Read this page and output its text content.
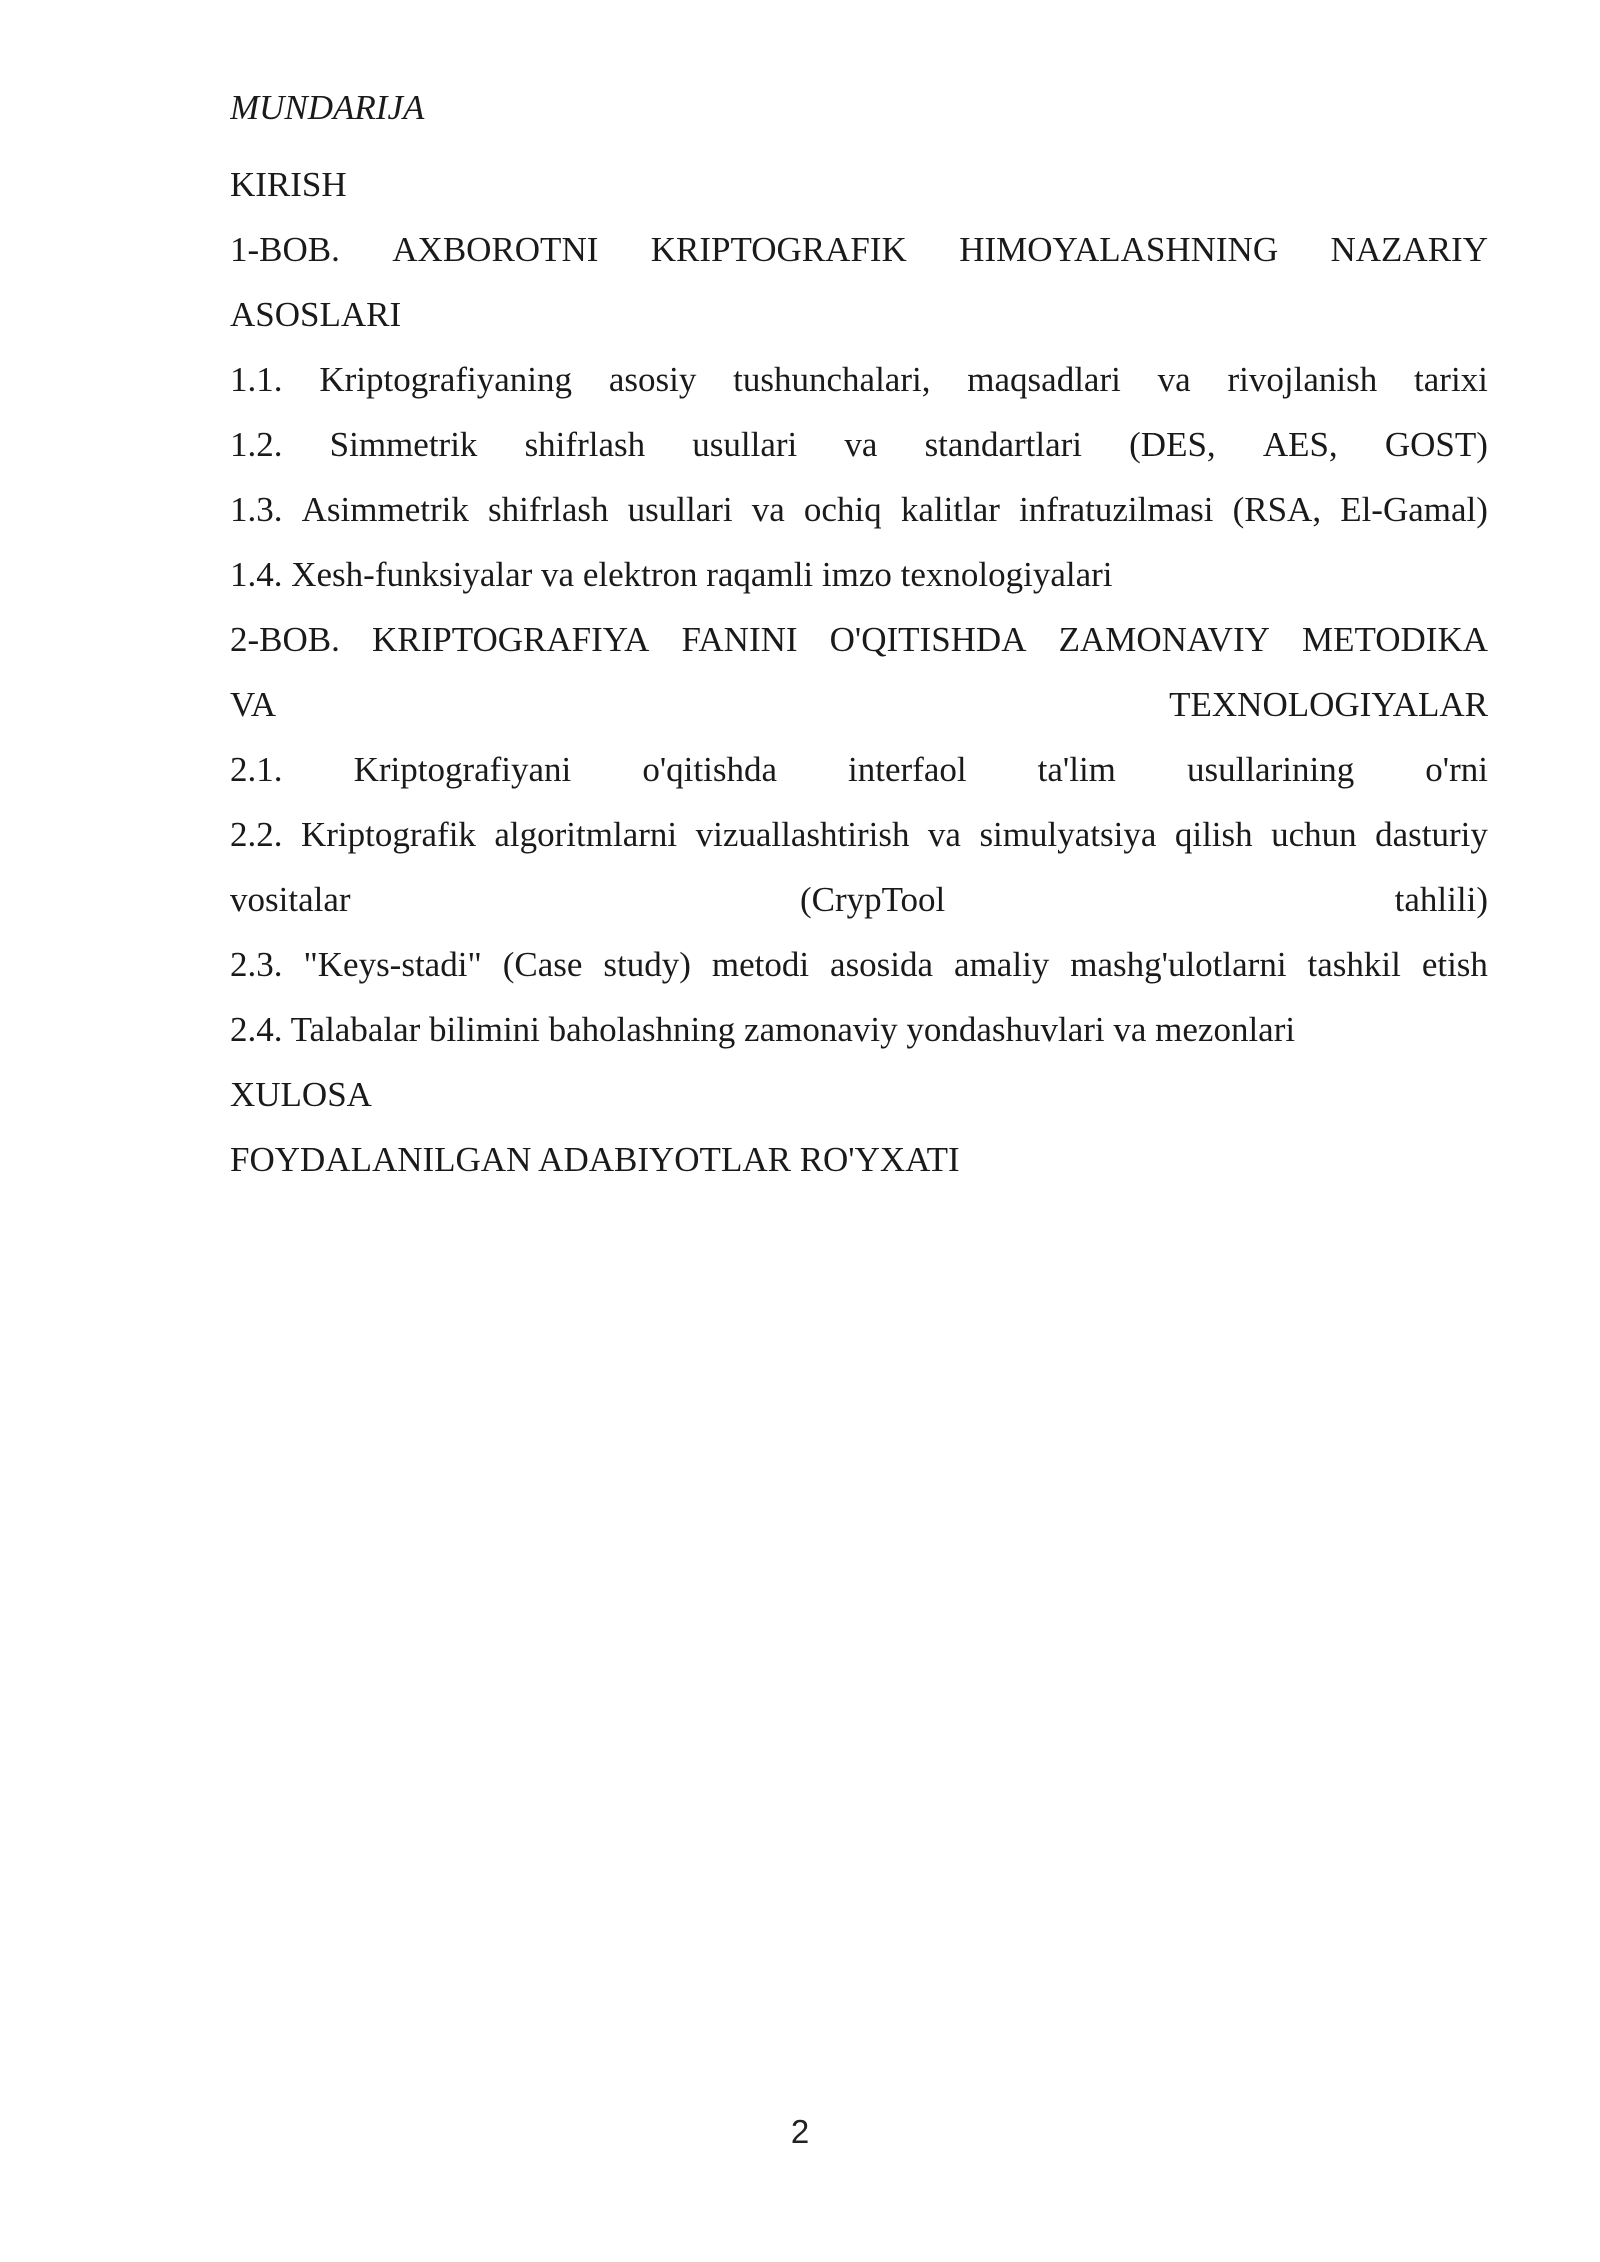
MUNDARIJA
KIRISH
1-BOB. AXBOROTNI KRIPTOGRAFIK HIMOYALASHNING NAZARIY
ASOSLARI
1.1. Kriptografiyaning asosiy tushunchalari, maqsadlari va rivojlanish tarixi
1.2. Simmetrik shifrlash usullari va standartlari (DES, AES, GOST)
1.3. Asimmetrik shifrlash usullari va ochiq kalitlar infratuzilmasi (RSA, El-Gamal)
1.4. Xesh-funksiyalar va elektron raqamli imzo texnologiyalari
2-BOB. KRIPTOGRAFIYA FANINI O'QITISHDA ZAMONAVIY METODIKA
VA	TEXNOLOGIYALAR
2.1. Kriptografiyani o'qitishda interfaol ta'lim usullarining o'rni
2.2. Kriptografik algoritmlarni vizuallashtirish va simulyatsiya qilish uchun dasturiy
vositalar	(CrypTool	tahlili)
2.3. "Keys-stadi" (Case study) metodi asosida amaliy mashg'ulotlarni tashkil etish
2.4. Talabalar bilimini baholashning zamonaviy yondashuvlari va mezonlari
XULOSA
FOYDALANILGAN ADABIYOTLAR RO'YXATI
2
